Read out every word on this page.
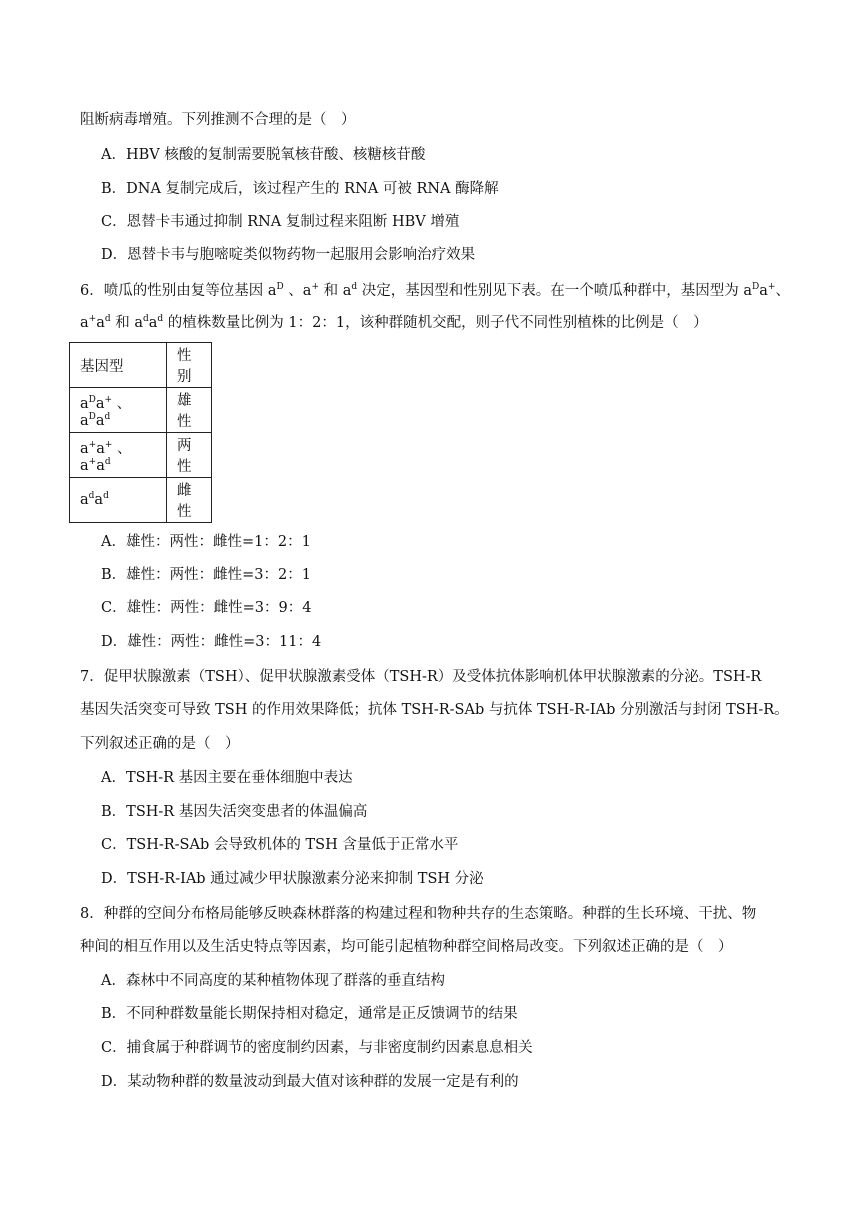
阻断病毒增殖。下列推测不合理的是（　）
A．HBV 核酸的复制需要脱氧核苷酸、核糖核苷酸
B．DNA 复制完成后，该过程产生的 RNA 可被 RNA 酶降解
C．恩替卡韦通过抑制 RNA 复制过程来阻断 HBV 增殖
D．恩替卡韦与胞嘧啶类似物药物一起服用会影响治疗效果
6．喷瓜的性别由复等位基因 $a^D$ 、a+ 和 $a^d$ 决定，基因型和性别见下表。在一个喷瓜种群中，基因型为 $a^Da^+$、
$a^+a^d$ 和 $a^da^d$ 的植株数量比例为 1：2：1，该种群随机交配，则子代不同性别植株的比例是（　）
基因型	性别
$a^Da^+$ 、 $a^Da^d$	雄性
a+a+ 、 $a^+a^d$	两性
$a^da^d$	雌性
A．雄性：两性：雌性=1：2：1
B．雄性：两性：雌性=3：2：1
C．雄性：两性：雌性=3：9：4
D．雄性：两性：雌性=3：11：4
7．促甲状腺激素（TSH）、促甲状腺激素受体（TSH-R）及受体抗体影响机体甲状腺激素的分泌。TSH-R
基因失活突变可导致 TSH 的作用效果降低；抗体 TSH-R-SAb 与抗体 TSH-R-IAb 分别激活与封闭 TSH-R。
下列叙述正确的是（　）
A．TSH-R 基因主要在垂体细胞中表达
B．TSH-R 基因失活突变患者的体温偏高
C．TSH-R-SAb 会导致机体的 TSH 含量低于正常水平
D．TSH-R-IAb 通过减少甲状腺激素分泌来抑制 TSH 分泌
8．种群的空间分布格局能够反映森林群落的构建过程和物种共存的生态策略。种群的生长环境、干扰、物
种间的相互作用以及生活史特点等因素，均可能引起植物种群空间格局改变。下列叙述正确的是（　）
A．森林中不同高度的某种植物体现了群落的垂直结构
B．不同种群数量能长期保持相对稳定，通常是正反馈调节的结果
C．捕食属于种群调节的密度制约因素，与非密度制约因素息息相关
D．某动物种群的数量波动到最大值对该种群的发展一定是有利的
